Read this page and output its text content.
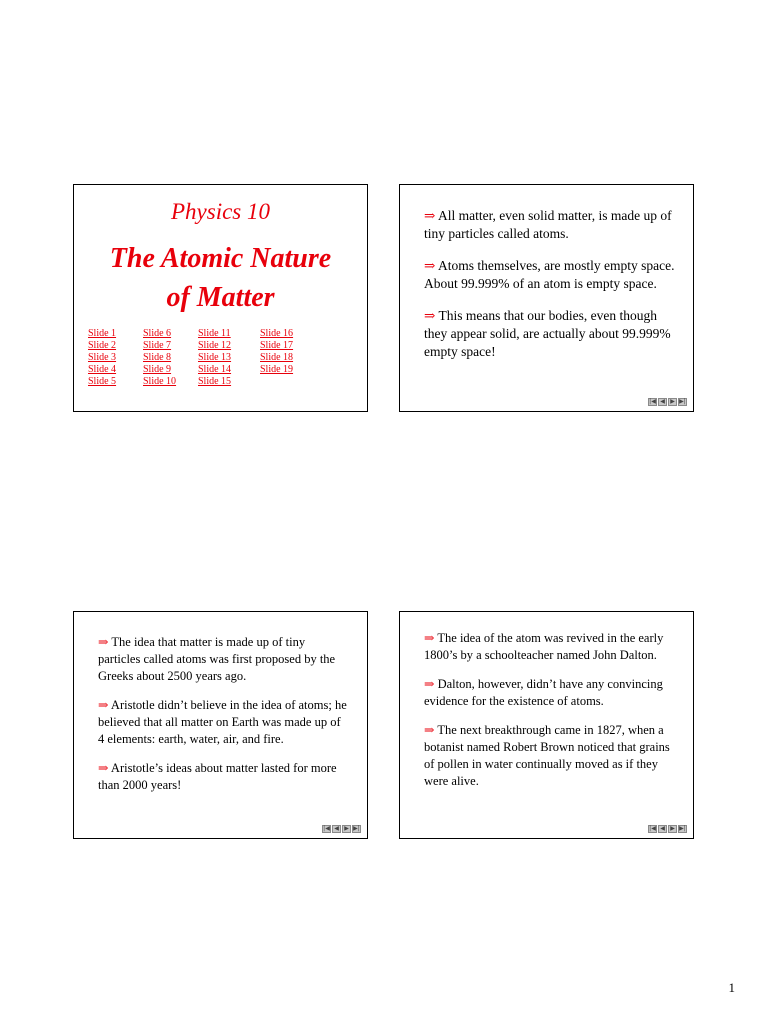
Physics 10
The Atomic Nature
of Matter
Slide 1
Slide 2
Slide 3
Slide 4
Slide 5
Slide 6
Slide 7
Slide 8
Slide 9
Slide 10
Slide 11
Slide 12
Slide 13
Slide 14
Slide 15
Slide 16
Slide 17
Slide 18
Slide 19
⇒ All matter, even solid matter, is made up of tiny particles called atoms.
⇒ Atoms themselves, are mostly empty space. About 99.999% of an atom is empty space.
⇒ This means that our bodies, even though they appear solid, are actually about 99.999% empty space!
|◀ ◀ ▶ ▶|
⇒ The idea that matter is made up of tiny particles called atoms was first proposed by the Greeks about 2500 years ago.
⇒ Aristotle didn’t believe in the idea of atoms; he believed that all matter on Earth was made up of 4 elements: earth, water, air, and fire.
⇒ Aristotle’s ideas about matter lasted for more than 2000 years!
|◀ ◀ ▶ ▶|
⇒ The idea of the atom was revived in the early 1800’s by a schoolteacher named John Dalton.
⇒ Dalton, however, didn’t have any convincing evidence for the existence of atoms.
⇒ The next breakthrough came in 1827, when a botanist named Robert Brown noticed that grains of pollen in water continually moved as if they were alive.
|◀ ◀ ▶ ▶|
1
